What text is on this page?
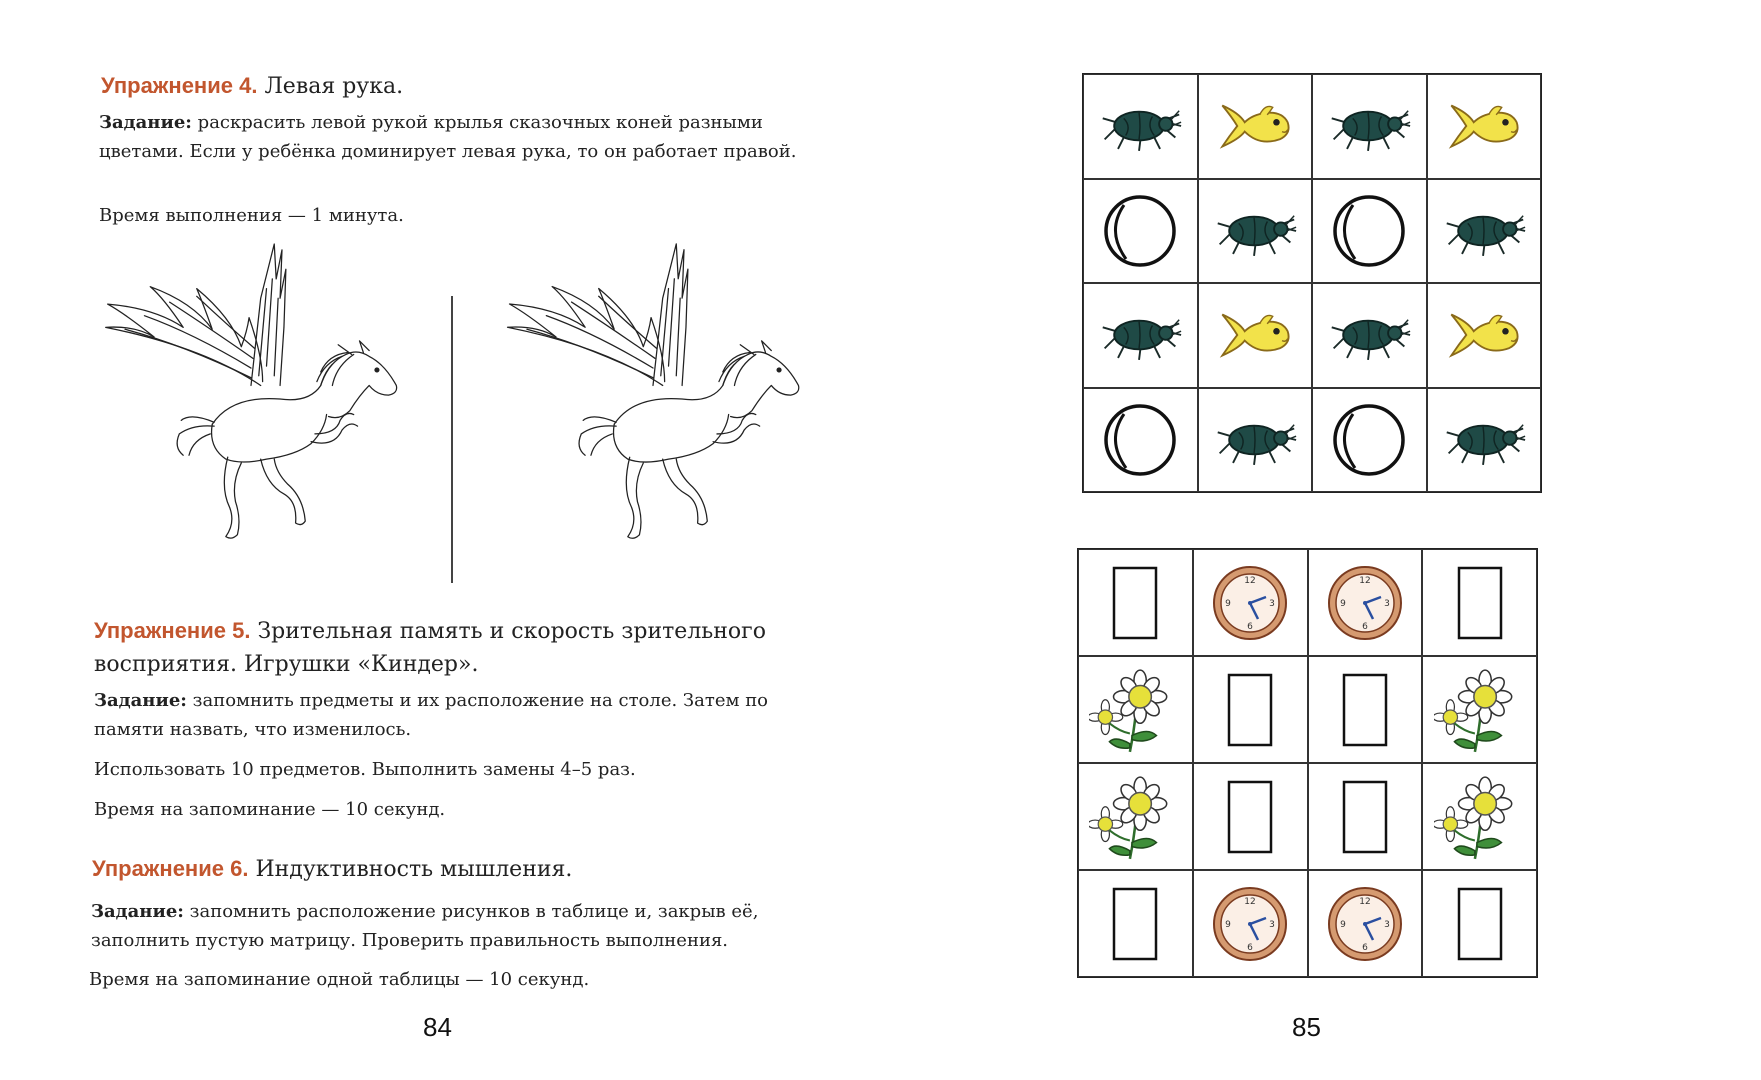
Упражнение 4. Левая рука.
Задание: раскрасить левой рукой крылья сказочных коней разными цветами. Если у ребёнка доминирует левая рука, то он работает правой.
Время выполнения — 1 минута.
Упражнение 5. Зрительная память и скорость зрительного восприятия. Игрушки «Киндер».
Задание: запомнить предметы и их расположение на столе. Затем по памяти назвать, что изменилось.
Использовать 10 предметов. Выполнить замены 4–5 раз.
Время на запоминание — 10 секунд.
Упражнение 6. Индуктивность мышления.
Задание: запомнить расположение рисунков в таблице и, закрыв её, заполнить пустую матрицу. Проверить правильность выполнения.
Время на запоминание одной таблицы — 10 секунд.
84	85
